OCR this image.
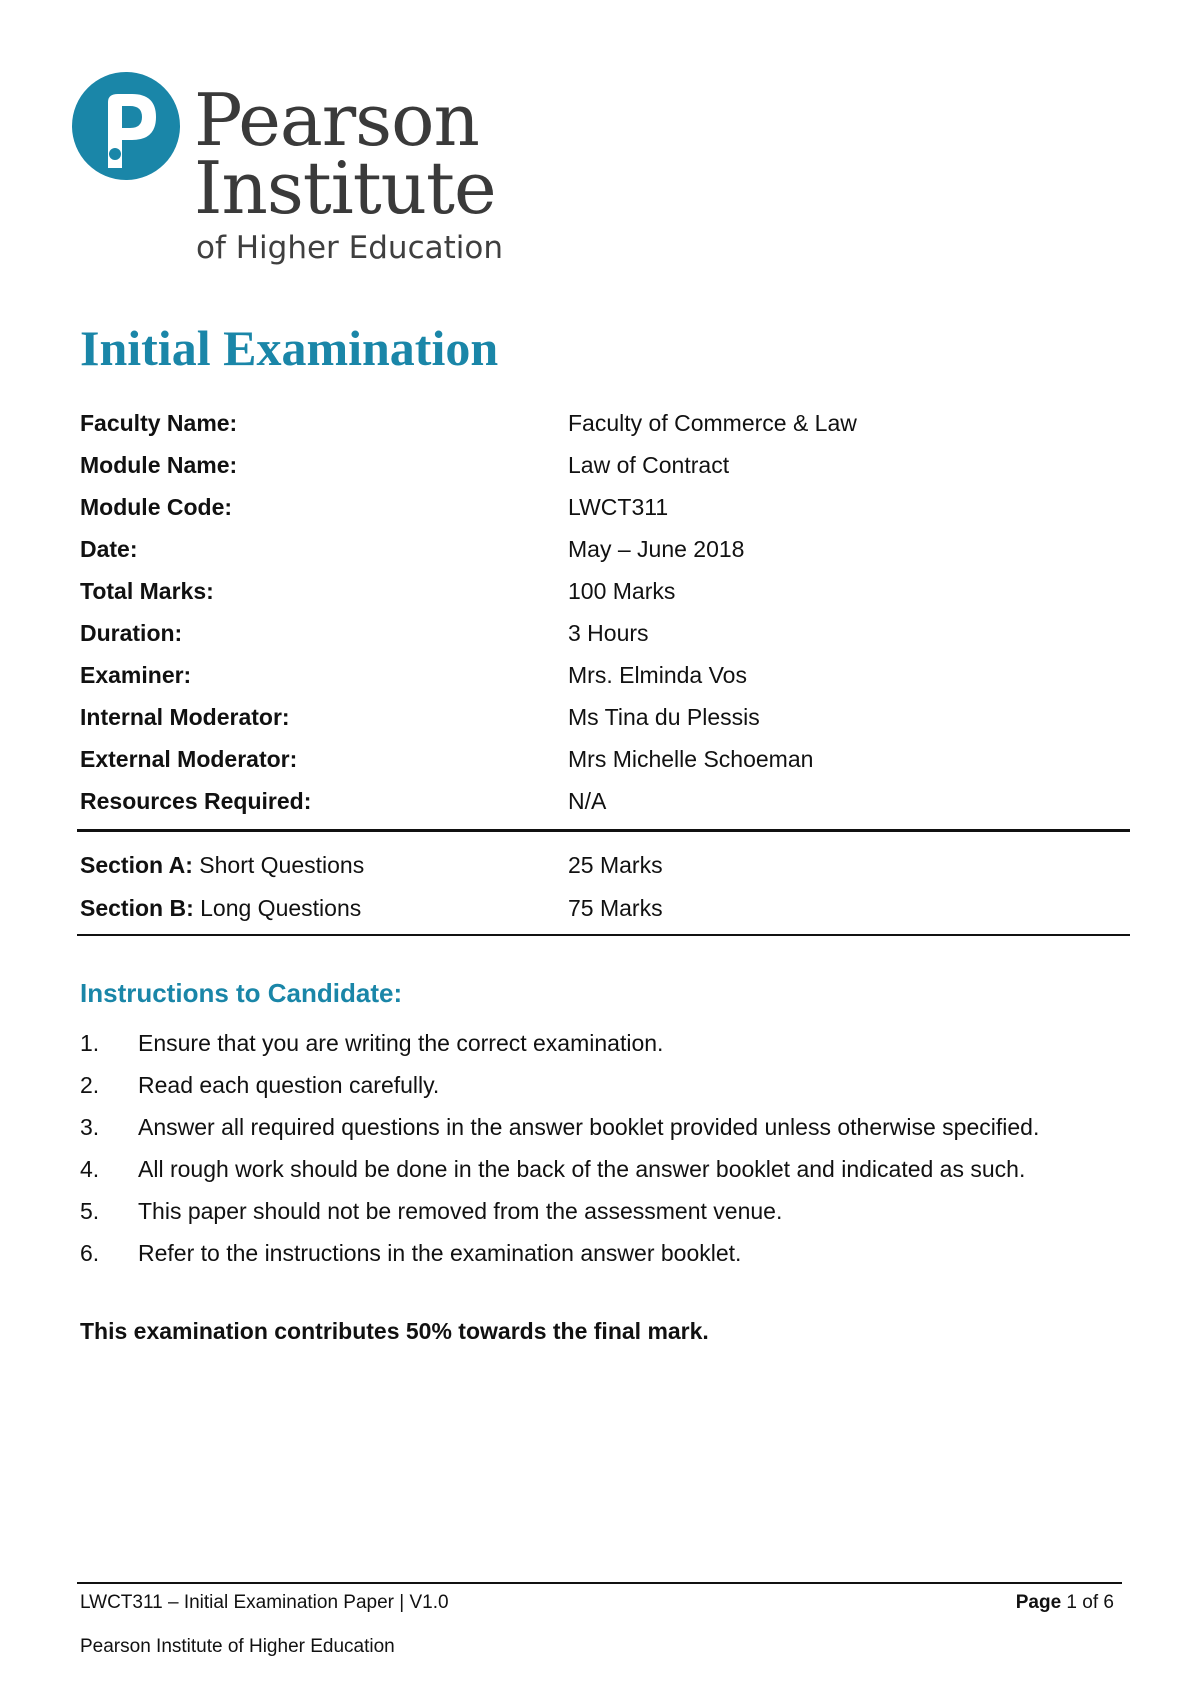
Pearson
Institute
of Higher Education
Initial Examination
Faculty Name:	Faculty of Commerce & Law
Module Name:	Law of Contract
Module Code:	LWCT311
Date:	May – June 2018
Total Marks:	100 Marks
Duration:	3 Hours
Examiner:	Mrs. Elminda Vos
Internal Moderator:	Ms Tina du Plessis
External Moderator:	Mrs Michelle Schoeman
Resources Required:	N/A
Section A: Short Questions	25 Marks
Section B: Long Questions	75 Marks
Instructions to Candidate:
1. Ensure that you are writing the correct examination.
2. Read each question carefully.
3. Answer all required questions in the answer booklet provided unless otherwise specified.
4. All rough work should be done in the back of the answer booklet and indicated as such.
5. This paper should not be removed from the assessment venue.
6. Refer to the instructions in the examination answer booklet.
This examination contributes 50% towards the final mark.
LWCT311 – Initial Examination Paper | V1.0	Page 1 of 6
Pearson Institute of Higher Education
